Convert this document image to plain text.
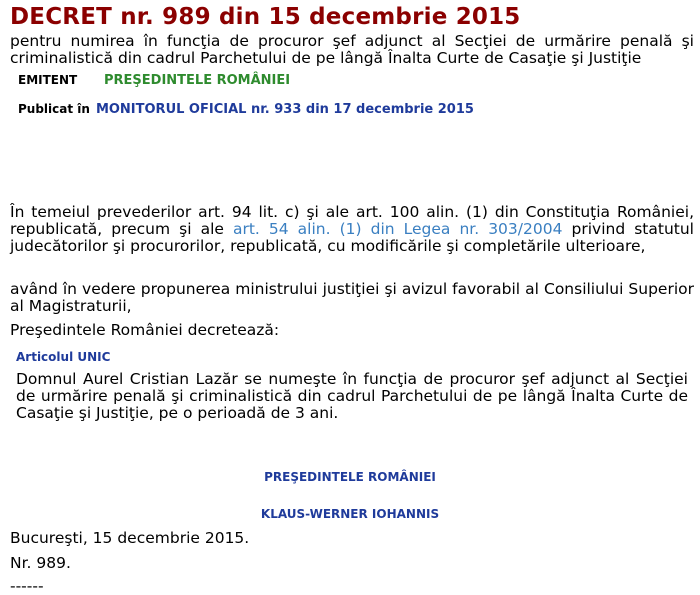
DECRET nr. 989 din 15 decembrie 2015
pentru numirea în funcţia de procuror şef adjunct al Secţiei de urmărire penală şi criminalistică din cadrul Parchetului de pe lângă Înalta Curte de Casaţie şi Justiţie
EMITENT PREŞEDINTELE ROMÂNIEI
Publicat în MONITORUL OFICIAL nr. 933 din 17 decembrie 2015
În temeiul prevederilor art. 94 lit. c) şi ale art. 100 alin. (1) din Constituţia României, republicată, precum şi ale art. 54 alin. (1) din Legea nr. 303/2004 privind statutul judecătorilor şi procurorilor, republicată, cu modificările şi completările ulterioare,
având în vedere propunerea ministrului justiţiei şi avizul favorabil al Consiliului Superior al Magistraturii,
Preşedintele României decretează:
Articolul UNIC
Domnul Aurel Cristian Lazăr se numeşte în funcţia de procuror şef adjunct al Secţiei de urmărire penală şi criminalistică din cadrul Parchetului de pe lângă Înalta Curte de Casaţie şi Justiţie, pe o perioadă de 3 ani.
PREŞEDINTELE ROMÂNIEI
KLAUS-WERNER IOHANNIS
Bucureşti, 15 decembrie 2015.
Nr. 989.
------
